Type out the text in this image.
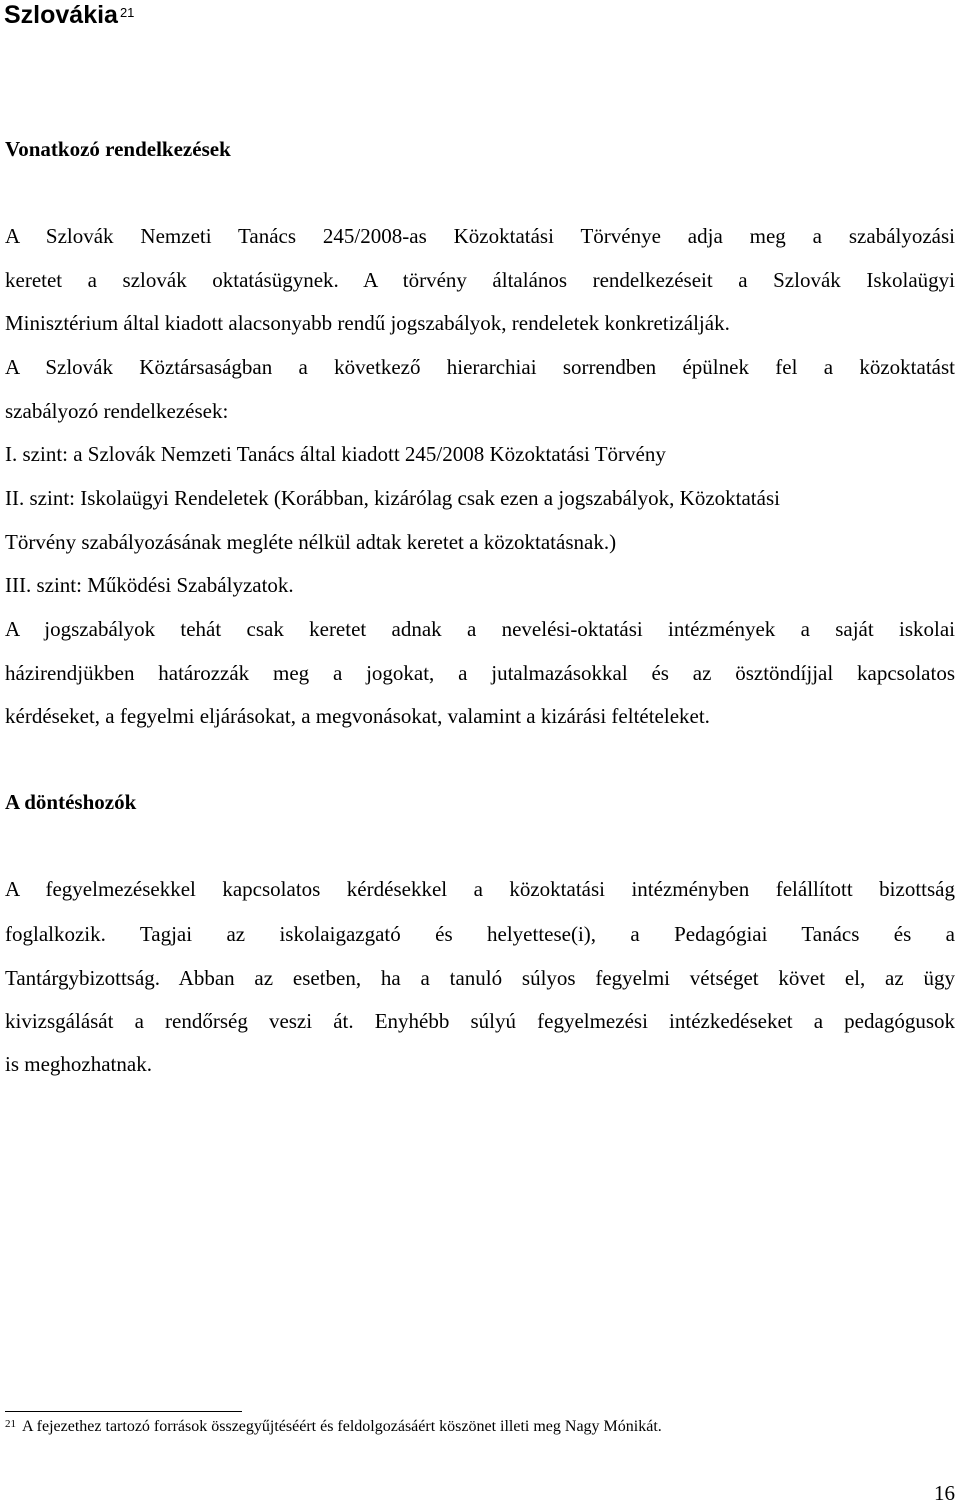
Szlovákia $^{21}$
Vonatkozó rendelkezések
A Szlovák Nemzeti Tanács 245/2008-as Közoktatási Törvénye adja meg a szabályozási
keretet a szlovák oktatásügynek. A törvény általános rendelkezéseit a Szlovák Iskolaügyi
Minisztérium által kiadott alacsonyabb rendű jogszabályok, rendeletek konkretizálják.
A Szlovák Köztársaságban a következő hierarchiai sorrendben épülnek fel a közoktatást
szabályozó rendelkezések:
I. szint: a Szlovák Nemzeti Tanács által kiadott 245/2008 Közoktatási Törvény
II. szint: Iskolaügyi Rendeletek (Korábban, kizárólag csak ezen a jogszabályok, Közoktatási
Törvény szabályozásának megléte nélkül adtak keretet a közoktatásnak.)
III. szint: Működési Szabályzatok.
A jogszabályok tehát csak keretet adnak a nevelési-oktatási intézmények a saját iskolai
házirendjükben határozzák meg a jogokat, a jutalmazásokkal és az ösztöndíjjal kapcsolatos
kérdéseket, a fegyelmi eljárásokat, a megvonásokat, valamint a kizárási feltételeket.
A döntéshozók
A fegyelmezésekkel kapcsolatos kérdésekkel a közoktatási intézményben felállított bizottság
foglalkozik. Tagjai az iskolaigazgató és helyettese(i), a Pedagógiai Tanács és a
Tantárgybizottság. Abban az esetben, ha a tanuló súlyos fegyelmi vétséget követ el, az ügy
kivizsgálását a rendőrség veszi át. Enyhébb súlyú fegyelmezési intézkedéseket a pedagógusok
is meghozhatnak.

$^{21}$ A fejezethez tartozó források összegyűjtéséért és feldolgozásáért köszönet illeti meg Nagy Mónikát.

16
